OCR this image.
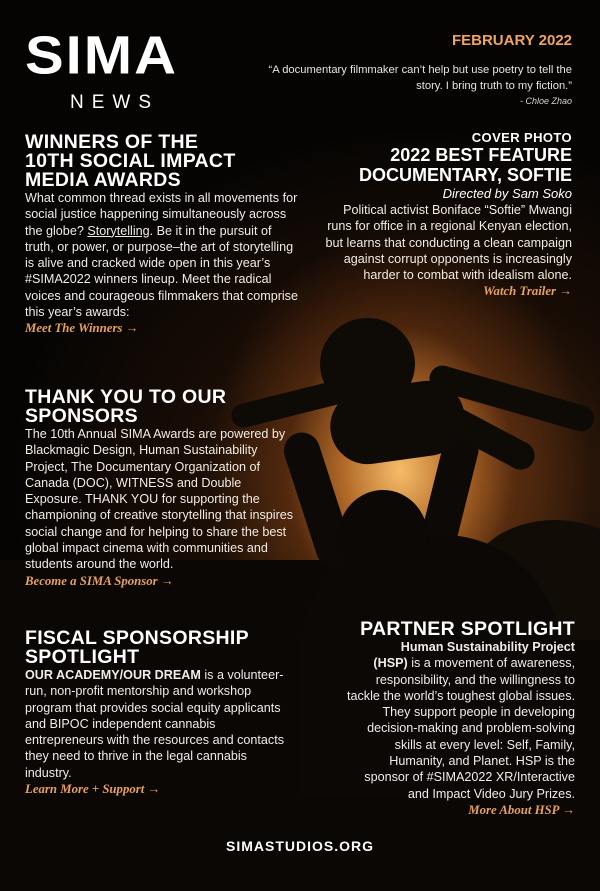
SIMA

NEWS

FEBRUARY 2022

“A documentary filmmaker can’t help but use poetry to tell the story. I bring truth to my fiction.”

- Chloe Zhao

WINNERS OF THE
10TH SOCIAL IMPACT
MEDIA AWARDS

What common thread exists in all movements for social justice happening simultaneously across the globe? Storytelling. Be it in the pursuit of truth, or power, or purpose–the art of storytelling is alive and cracked wide open in this year’s #SIMA2022 winners lineup. Meet the radical voices and courageous filmmakers that comprise this year’s awards:

Meet The Winners →

THANK YOU TO OUR SPONSORS

The 10th Annual SIMA Awards are powered by Blackmagic Design, Human Sustainability Project, The Documentary Organization of Canada (DOC), WITNESS and Double Exposure. THANK YOU for supporting the championing of creative storytelling that inspires social change and for helping to share the best global impact cinema with communities and students around the world.

Become a SIMA Sponsor →

FISCAL SPONSORSHIP SPOTLIGHT

OUR ACADEMY/OUR DREAM is a volunteer-run, non-profit mentorship and workshop program that provides social equity applicants and BIPOC independent cannabis entrepreneurs with the resources and contacts they need to thrive in the legal cannabis industry.

Learn More + Support →

COVER PHOTO

2022 BEST FEATURE
DOCUMENTARY, SOFTIE

Directed by Sam Soko

Political activist Boniface “Softie” Mwangi runs for office in a regional Kenyan election, but learns that conducting a clean campaign against corrupt opponents is increasingly harder to combat with idealism alone.

Watch Trailer →

PARTNER SPOTLIGHT

Human Sustainability Project
(HSP) is a movement of awareness, responsibility, and the willingness to tackle the world’s toughest global issues. They support people in developing decision-making and problem-solving skills at every level: Self, Family, Humanity, and Planet. HSP is the sponsor of #SIMA2022 XR/Interactive and Impact Video Jury Prizes.

More About HSP →

SIMASTUDIOS.ORG
